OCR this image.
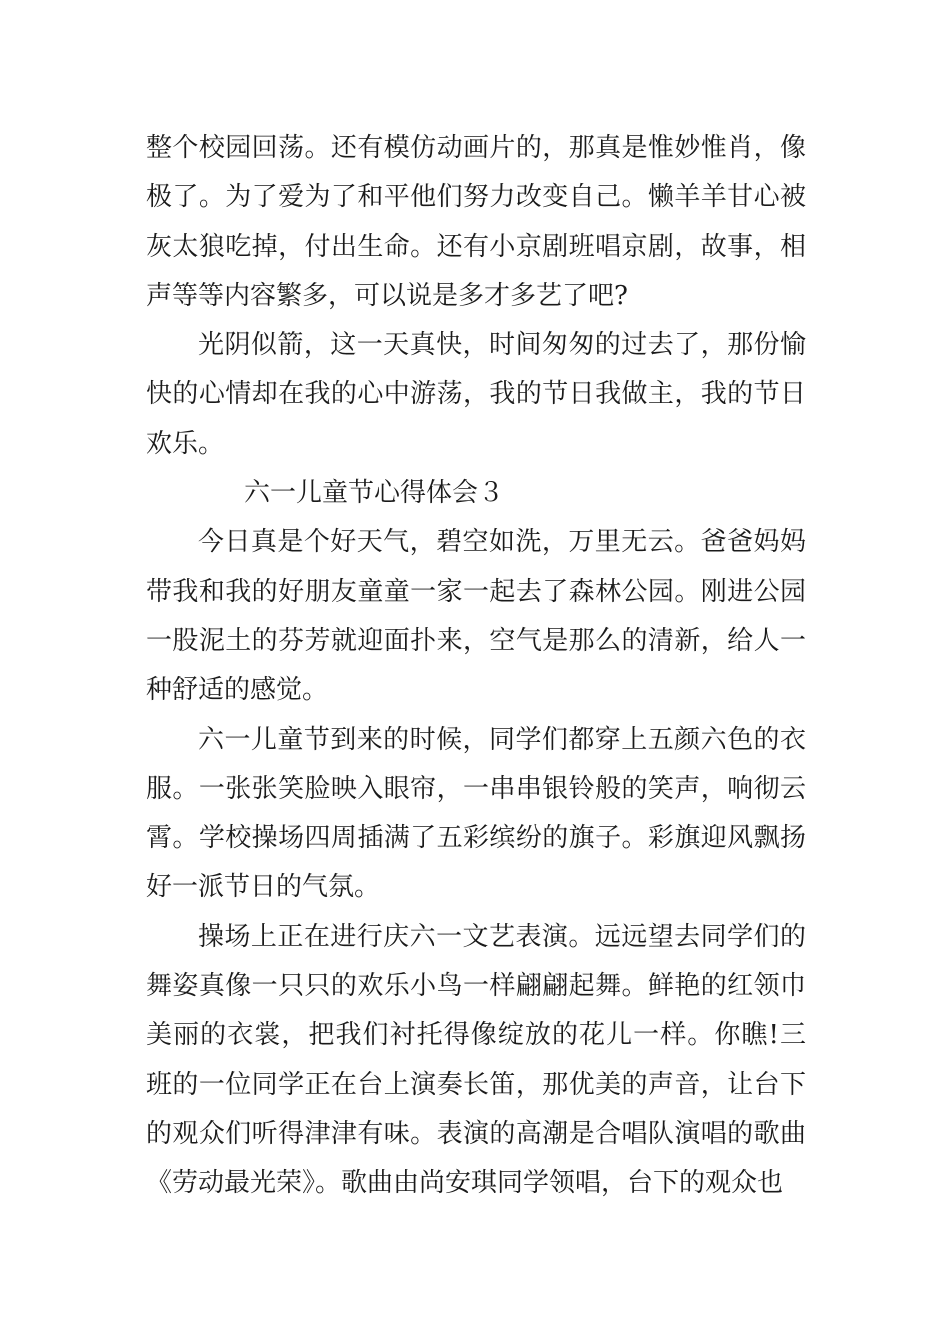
整个校园回荡。还有模仿动画片的，那真是惟妙惟肖，像极了。为了爱为了和平他们努力改变自己。懒羊羊甘心被灰太狼吃掉，付出生命。还有小京剧班唱京剧，故事，相声等等内容繁多，可以说是多才多艺了吧?

光阴似箭，这一天真快，时间匆匆的过去了，那份愉快的心情却在我的心中游荡，我的节日我做主，我的节日欢乐。

六一儿童节心得体会３

今日真是个好天气，碧空如洗，万里无云。爸爸妈妈带我和我的好朋友童童一家一起去了森林公园。刚进公园一股泥土的芬芳就迎面扑来，空气是那么的清新，给人一种舒适的感觉。

六一儿童节到来的时候，同学们都穿上五颜六色的衣服。一张张笑脸映入眼帘，一串串银铃般的笑声，响彻云霄。学校操场四周插满了五彩缤纷的旗子。彩旗迎风飘扬好一派节日的气氛。

操场上正在进行庆六一文艺表演。远远望去同学们的舞姿真像一只只的欢乐小鸟一样翩翩起舞。鲜艳的红领巾美丽的衣裳，把我们衬托得像绽放的花儿一样。你瞧!三班的一位同学正在台上演奏长笛，那优美的声音，让台下的观众们听得津津有味。表演的高潮是合唱队演唱的歌曲《劳动最光荣》。歌曲由尚安琪同学领唱，台下的观众也
